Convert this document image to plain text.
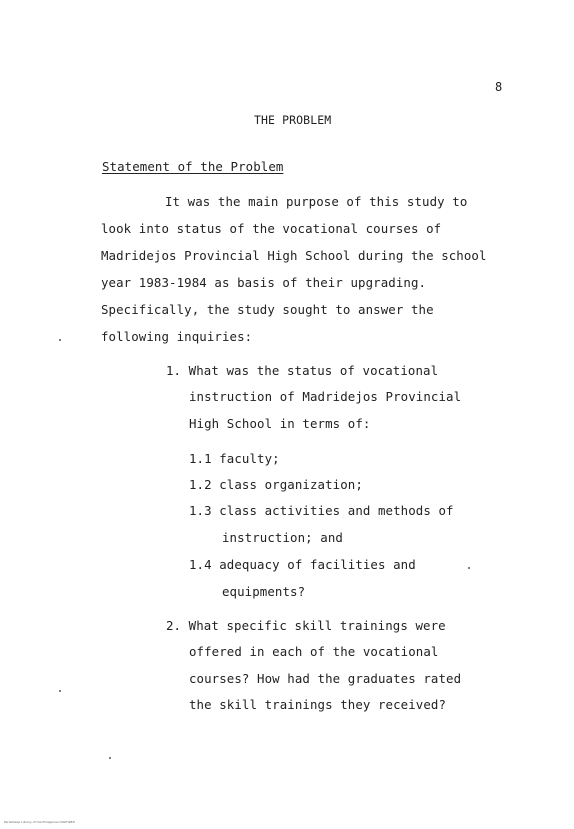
8
THE PROBLEM
Statement of the Problem
It was the main purpose of this study to
look into status of the vocational courses of
Madridejos Provincial High School during the school
year 1983-1984 as basis of their upgrading.
Specifically, the study sought to answer the
following inquiries:
1. What was the status of vocational
instruction of Madridejos Provincial
High School in terms of:
1.1 faculty;
1.2 class organization;
1.3 class activities and methods of
instruction; and
1.4 adequacy of facilities and
equipments?
2. What specific skill trainings were
offered in each of the vocational
courses? How had the graduates rated
the skill trainings they received?
Parishkeep Library of the Philippines DIGITIZED
